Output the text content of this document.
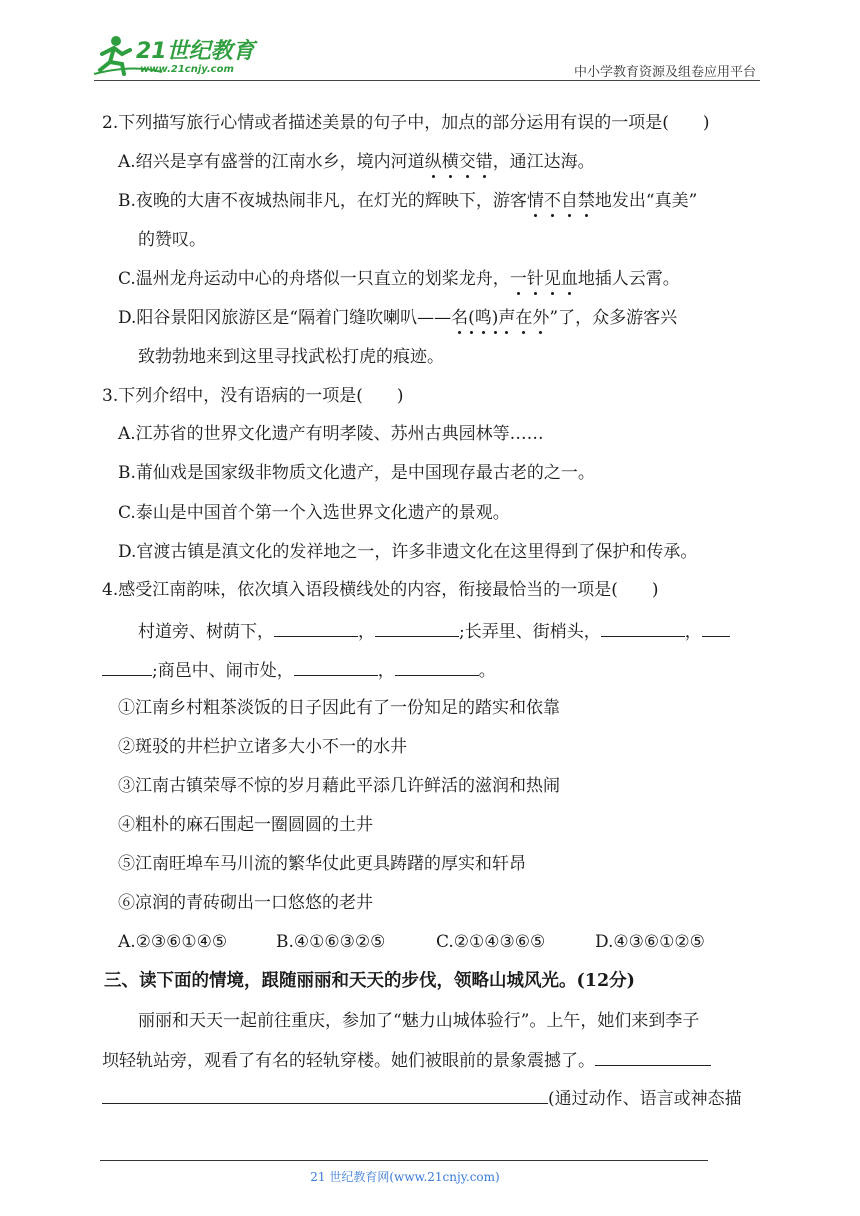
21世纪教育
www.21cnjy.com	中小学教育资源及组卷应用平台
2.下列描写旅行心情或者描述美景的句子中，加点的部分运用有误的一项是(　　)
A.绍兴是享有盛誉的江南水乡，境内河道纵横交错，通江达海。
B.夜晚的大唐不夜城热闹非凡，在灯光的辉映下，游客情不自禁地发出“真美”
的赞叹。
C.温州龙舟运动中心的舟塔似一只直立的划桨龙舟，一针见血地插人云霄。
D.阳谷景阳冈旅游区是“隔着门缝吹喇叭——名(鸣)声在外”了，众多游客兴
致勃勃地来到这里寻找武松打虎的痕迹。
3.下列介绍中，没有语病的一项是(　　)
A.江苏省的世界文化遗产有明孝陵、苏州古典园林等……
B.莆仙戏是国家级非物质文化遗产，是中国现存最古老的之一。
C.泰山是中国首个第一个入选世界文化遗产的景观。
D.官渡古镇是滇文化的发祥地之一，许多非遗文化在这里得到了保护和传承。
4.感受江南韵味，依次填入语段横线处的内容，衔接最恰当的一项是(　　)
村道旁、树荫下，	，	;长弄里、街梢头，	，
;商邑中、闹市处，	，	。
①江南乡村粗茶淡饭的日子因此有了一份知足的踏实和依靠
②斑驳的井栏护立诸多大小不一的水井
③江南古镇荣辱不惊的岁月藉此平添几许鲜活的滋润和热闹
④粗朴的麻石围起一圈圆圆的土井
⑤江南旺埠车马川流的繁华仗此更具踌躇的厚实和轩昂
⑥凉润的青砖砌出一口悠悠的老井
A.②③⑥①④⑤	B.④①⑥③②⑤	C.②①④③⑥⑤	D.④③⑥①②⑤
三、读下面的情境，跟随丽丽和天天的步伐，领略山城风光。(12分)
丽丽和天天一起前往重庆，参加了“魅力山城体验行”。上午，她们来到李子
坝轻轨站旁，观看了有名的轻轨穿楼。她们被眼前的景象震撼了。
(通过动作、语言或神态描
21 世纪教育网(www.21cnjy.com)
